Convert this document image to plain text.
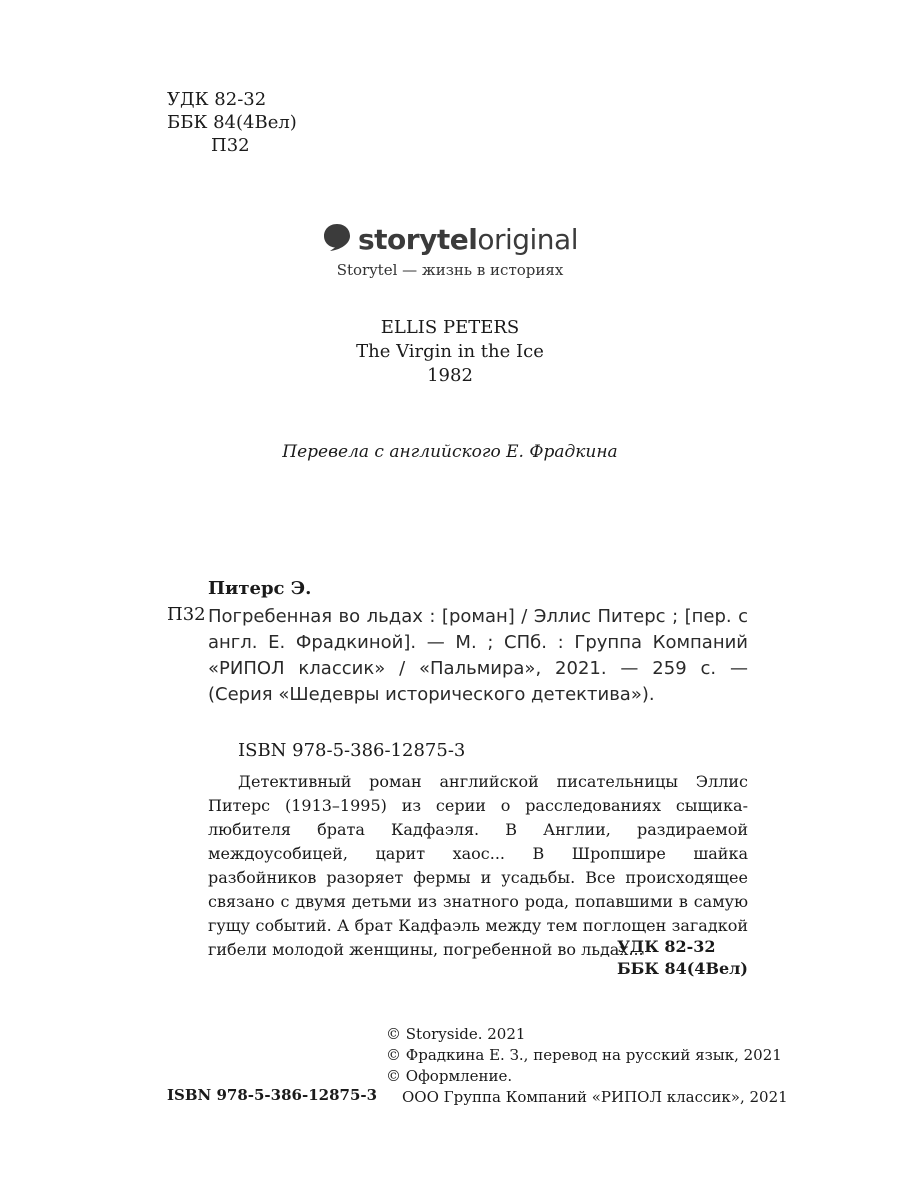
УДК 82-32
ББК 84(4Вел)
П32
storyteloriginal
Storytel — жизнь в историях
ELLIS PETERS
The Virgin in the Ice
1982
Перевела с английского Е. Фрадкина
Питерс Э.
П32 Погребенная во льдах : [роман] / Эллис Питерс ; [пер. с англ. Е. Фрадкиной]. — М. ; СПб. : Группа Компаний «РИПОЛ классик» / «Пальмира», 2021. — 259 с. — (Серия «Шедевры исторического детектива»).
ISBN 978-5-386-12875-3
Детективный роман английской писательницы Эллис Питерс (1913–1995) из серии о расследованиях сыщика-любителя брата Кадфаэля. В Англии, раздираемой междоусобицей, царит хаос... В Шропшире шайка разбойников разоряет фермы и усадьбы. Все происходящее связано с двумя детьми из знатного рода, попавшими в самую гущу событий. А брат Кадфаэль между тем поглощен загадкой гибели молодой женщины, погребенной во льдах...
УДК 82-32
ББК 84(4Вел)
© Storyside. 2021
© Фрадкина Е. З., перевод на русский язык, 2021
© Оформление.
ООО Группа Компаний «РИПОЛ классик», 2021
ISBN 978-5-386-12875-3
